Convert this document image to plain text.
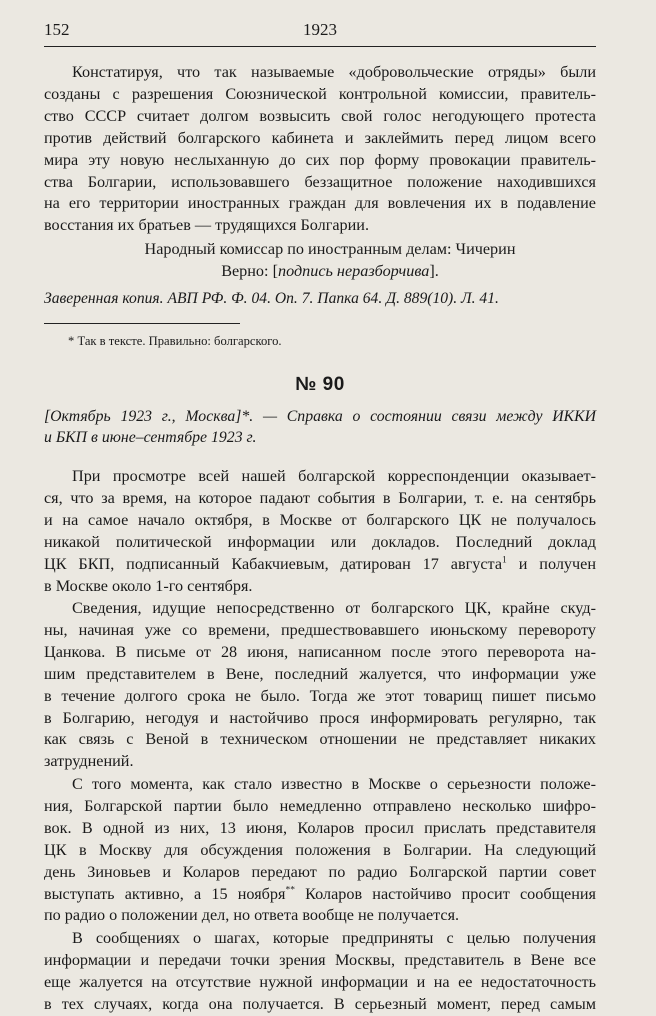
152	1923
Констатируя, что так называемые «добровольческие отряды» были
созданы с разрешения Союзнической контрольной комиссии, правитель-
ство СССР считает долгом возвысить свой голос негодующего протеста
против действий болгарского кабинета и заклеймить перед лицом всего
мира эту новую неслыханную до сих пор форму провокации правитель-
ства Болгарии, использовавшего беззащитное положение находившихся
на его территории иностранных граждан для вовлечения их в подавление
восстания их братьев — трудящихся Болгарии.

Народный комиссар по иностранным делам: Чичерин

Верно: [подпись неразборчива].

Заверенная копия. АВП РФ. Ф. 04. Оп. 7. Папка 64. Д. 889(10). Л. 41.
* Так в тексте. Правильно: болгарского.
№ 90
[Октябрь 1923 г., Москва]*. — Справка о состоянии связи между ИККИ
и БКП в июне–сентябре 1923 г.
При просмотре всей нашей болгарской корреспонденции оказывает-
ся, что за время, на которое падают события в Болгарии, т. е. на сентябрь
и на самое начало октября, в Москве от болгарского ЦК не получалось
никакой политической информации или докладов. Последний доклад
ЦК БКП, подписанный Кабакчиевым, датирован 17 августа$^1$ и получен
в Москве около 1-го сентября.
Сведения, идущие непосредственно от болгарского ЦК, крайне скуд-
ны, начиная уже со времени, предшествовавшего июньскому перевороту
Цанкова. В письме от 28 июня, написанном после этого переворота на-
шим представителем в Вене, последний жалуется, что информации уже
в течение долгого срока не было. Тогда же этот товарищ пишет письмо
в Болгарию, негодуя и настойчиво прося информировать регулярно, так
как связь с Веной в техническом отношении не представляет никаких
затруднений.
С того момента, как стало известно в Москве о серьезности положе-
ния, Болгарской партии было немедленно отправлено несколько шифро-
вок. В одной из них, 13 июня, Коларов просил прислать представителя
ЦК в Москву для обсуждения положения в Болгарии. На следующий
день Зиновьев и Коларов передают по радио Болгарской партии совет
выступать активно, а 15 ноября** Коларов настойчиво просит сообщения
по радио о положении дел, но ответа вообще не получается.
В сообщениях о шагах, которые предприняты с целью получения
информации и передачи точки зрения Москвы, представитель в Вене все
еще жалуется на отсутствие нужной информации и на ее недостаточность
в тех случаях, когда она получается. В серьезный момент, перед самым
